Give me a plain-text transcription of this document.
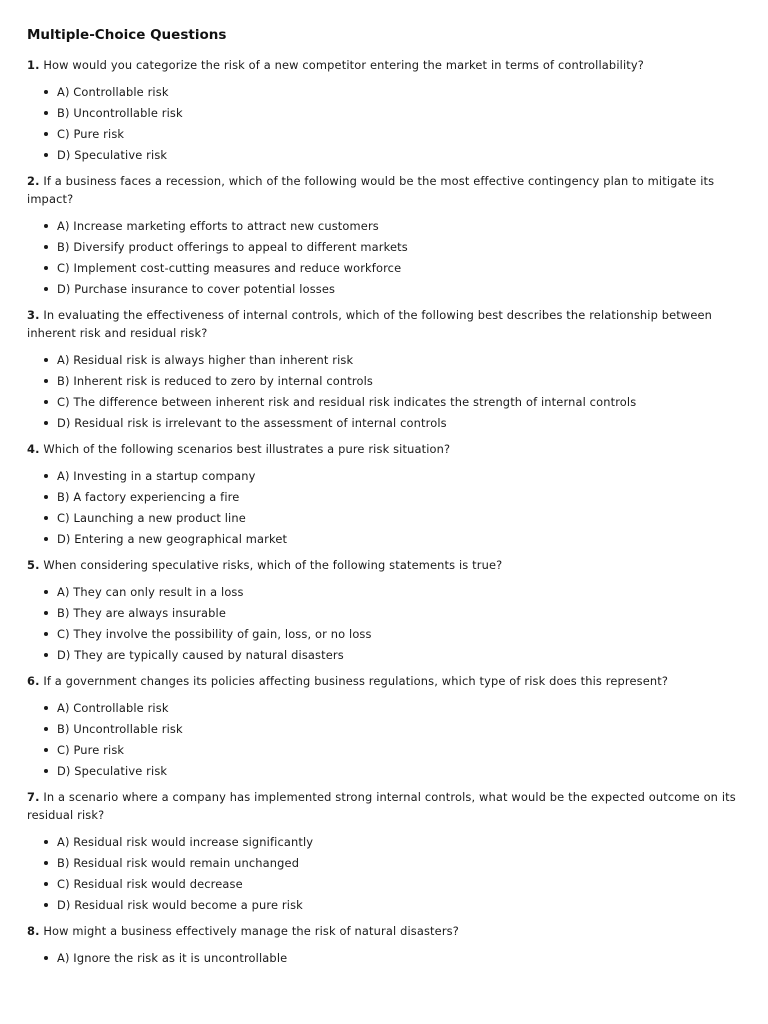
Multiple-Choice Questions

1. How would you categorize the risk of a new competitor entering the market in terms of controllability?

A) Controllable risk
B) Uncontrollable risk
C) Pure risk
D) Speculative risk

2. If a business faces a recession, which of the following would be the most effective contingency plan to mitigate its impact?

A) Increase marketing efforts to attract new customers
B) Diversify product offerings to appeal to different markets
C) Implement cost-cutting measures and reduce workforce
D) Purchase insurance to cover potential losses

3. In evaluating the effectiveness of internal controls, which of the following best describes the relationship between inherent risk and residual risk?

A) Residual risk is always higher than inherent risk
B) Inherent risk is reduced to zero by internal controls
C) The difference between inherent risk and residual risk indicates the strength of internal controls
D) Residual risk is irrelevant to the assessment of internal controls

4. Which of the following scenarios best illustrates a pure risk situation?

A) Investing in a startup company
B) A factory experiencing a fire
C) Launching a new product line
D) Entering a new geographical market

5. When considering speculative risks, which of the following statements is true?

A) They can only result in a loss
B) They are always insurable
C) They involve the possibility of gain, loss, or no loss
D) They are typically caused by natural disasters

6. If a government changes its policies affecting business regulations, which type of risk does this represent?

A) Controllable risk
B) Uncontrollable risk
C) Pure risk
D) Speculative risk

7. In a scenario where a company has implemented strong internal controls, what would be the expected outcome on its residual risk?

A) Residual risk would increase significantly
B) Residual risk would remain unchanged
C) Residual risk would decrease
D) Residual risk would become a pure risk

8. How might a business effectively manage the risk of natural disasters?

A) Ignore the risk as it is uncontrollable
